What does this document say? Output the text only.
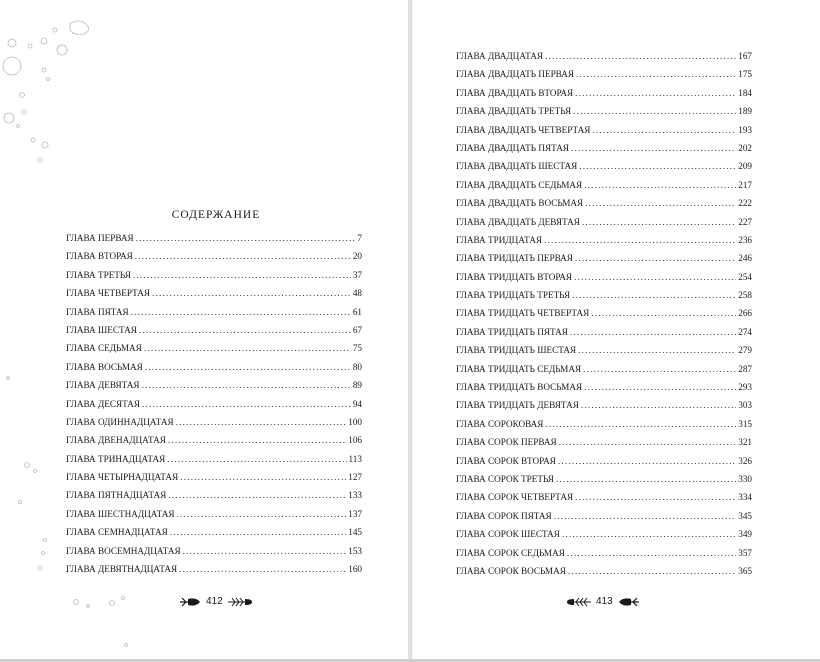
СОДЕРЖАНИЕ
ГЛАВА ПЕРВАЯ .....	7
ГЛАВА ВТОРАЯ .....	20
ГЛАВА ТРЕТЬЯ .....	37
ГЛАВА ЧЕТВЕРТАЯ .....	48
ГЛАВА ПЯТАЯ .....	61
ГЛАВА ШЕСТАЯ .....	67
ГЛАВА СЕДЬМАЯ .....	75
ГЛАВА ВОСЬМАЯ .....	80
ГЛАВА ДЕВЯТАЯ .....	89
ГЛАВА ДЕСЯТАЯ .....	94
ГЛАВА ОДИННАДЦАТАЯ .....	100
ГЛАВА ДВЕНАДЦАТАЯ .....	106
ГЛАВА ТРИНАДЦАТАЯ .....	113
ГЛАВА ЧЕТЫРНАДЦАТАЯ .....	127
ГЛАВА ПЯТНАДЦАТАЯ .....	133
ГЛАВА ШЕСТНАДЦАТАЯ .....	137
ГЛАВА СЕМНАДЦАТАЯ .....	145
ГЛАВА ВОСЕМНАДЦАТАЯ .....	153
ГЛАВА ДЕВЯТНАДЦАТАЯ .....	160
412
ГЛАВА ДВАДЦАТАЯ .....	167
ГЛАВА ДВАДЦАТЬ ПЕРВАЯ .....	175
ГЛАВА ДВАДЦАТЬ ВТОРАЯ .....	184
ГЛАВА ДВАДЦАТЬ ТРЕТЬЯ .....	189
ГЛАВА ДВАДЦАТЬ ЧЕТВЕРТАЯ .....	193
ГЛАВА ДВАДЦАТЬ ПЯТАЯ .....	202
ГЛАВА ДВАДЦАТЬ ШЕСТАЯ .....	209
ГЛАВА ДВАДЦАТЬ СЕДЬМАЯ .....	217
ГЛАВА ДВАДЦАТЬ ВОСЬМАЯ .....	222
ГЛАВА ДВАДЦАТЬ ДЕВЯТАЯ .....	227
ГЛАВА ТРИДЦАТАЯ .....	236
ГЛАВА ТРИДЦАТЬ ПЕРВАЯ .....	246
ГЛАВА ТРИДЦАТЬ ВТОРАЯ .....	254
ГЛАВА ТРИДЦАТЬ ТРЕТЬЯ .....	258
ГЛАВА ТРИДЦАТЬ ЧЕТВЕРТАЯ .....	266
ГЛАВА ТРИДЦАТЬ ПЯТАЯ .....	274
ГЛАВА ТРИДЦАТЬ ШЕСТАЯ .....	279
ГЛАВА ТРИДЦАТЬ СЕДЬМАЯ .....	287
ГЛАВА ТРИДЦАТЬ ВОСЬМАЯ .....	293
ГЛАВА ТРИДЦАТЬ ДЕВЯТАЯ .....	303
ГЛАВА СОРОКОВАЯ .....	315
ГЛАВА СОРОК ПЕРВАЯ .....	321
ГЛАВА СОРОК ВТОРАЯ .....	326
ГЛАВА СОРОК ТРЕТЬЯ .....	330
ГЛАВА СОРОК ЧЕТВЕРТАЯ .....	334
ГЛАВА СОРОК ПЯТАЯ .....	345
ГЛАВА СОРОК ШЕСТАЯ .....	349
ГЛАВА СОРОК СЕДЬМАЯ .....	357
ГЛАВА СОРОК ВОСЬМАЯ .....	365
413
